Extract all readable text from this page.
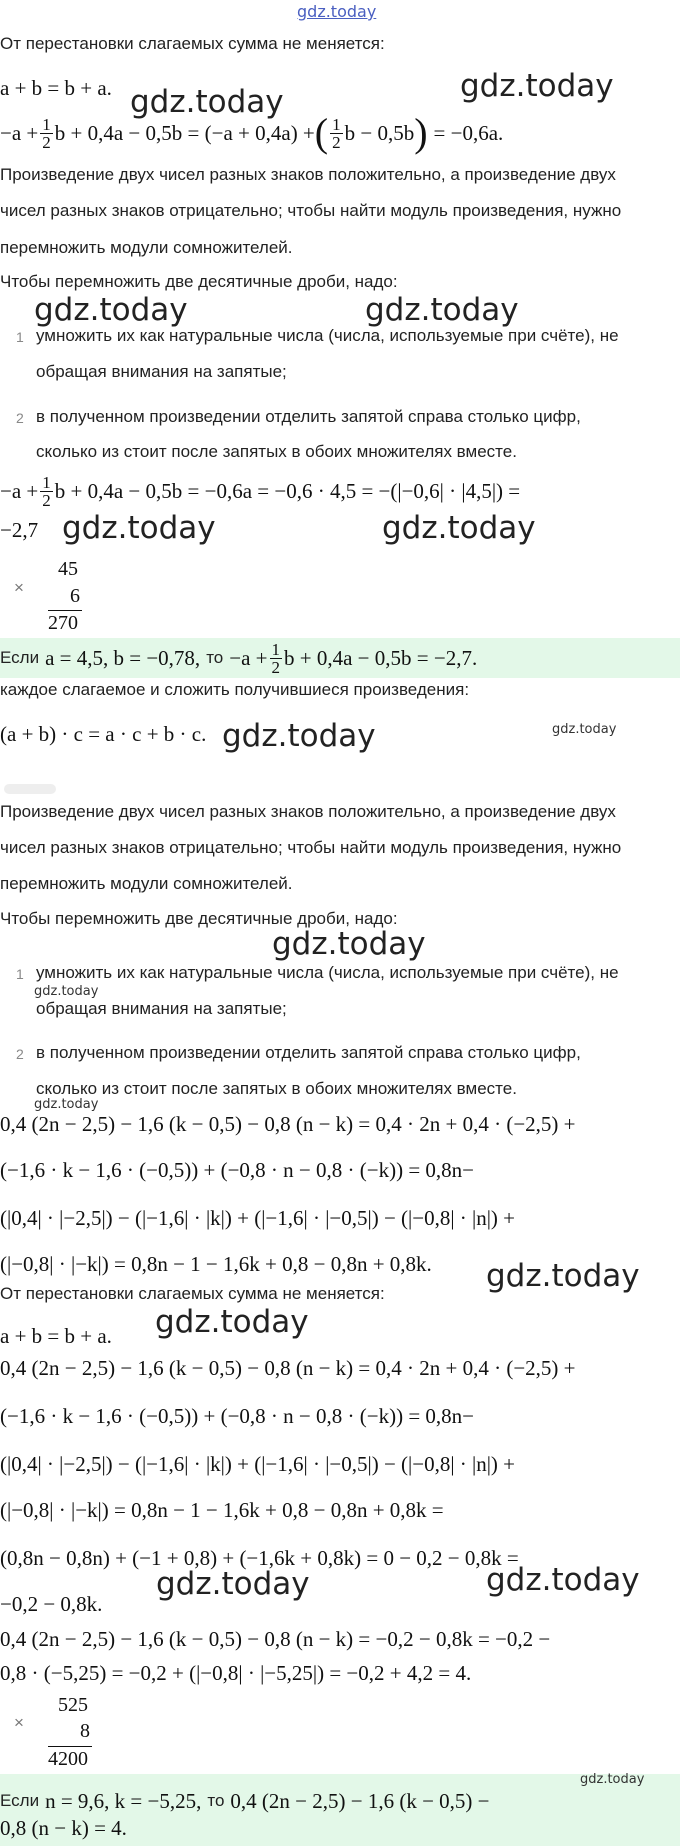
gdz.today
От перестановки слагаемых сумма не меняется:
a + b = b + a. gdz.today	gdz.today
$-a + \frac{1}{2}$ b + 0,4a − 0,5b = (−a + 0,4a) + ( $\frac{1}{2}$ b − 0,5b ) = −0,6a.
Произведение двух чисел разных знаков положительно, а произведение двух
чисел разных знаков отрицательно; чтобы найти модуль произведения, нужно
перемножить модули сомножителей.
Чтобы перемножить две десятичные дроби, надо:
gdz.today	gdz.today
1 умножить их как натуральные числа (числа, используемые при счёте), не
обращая внимания на запятые;
2 в полученном произведении отделить запятой справа столько цифр,
сколько из стоит после запятых в обоих множителях вместе.
$-a + \frac{1}{2}$ b + 0,4a − 0,5b = −0,6a = −0,6 · 4,5 = −(|−0,6| · |4,5|) =
−2,7 gdz.today	gdz.today
×
45
6
270
Если a = 4,5, b = −0,78, то $-a + \frac{1}{2}$ b + 0,4a − 0,5b = −2,7.
каждое слагаемое и сложить получившиеся произведения:
(a + b) · c = a · c + b · c. gdz.today	gdz.today
Произведение двух чисел разных знаков положительно, а произведение двух
чисел разных знаков отрицательно; чтобы найти модуль произведения, нужно
перемножить модули сомножителей.
Чтобы перемножить две десятичные дроби, надо:
gdz.today
1 умножить их как натуральные числа (числа, используемые при счёте), не
gdz.today
обращая внимания на запятые;
2 в полученном произведении отделить запятой справа столько цифр,
сколько из стоит после запятых в обоих множителях вместе.
gdz.today
0,4 (2n − 2,5) − 1,6 (k − 0,5) − 0,8 (n − k) = 0,4 · 2n + 0,4 · (−2,5) +
(−1,6 · k − 1,6 · (−0,5)) + (−0,8 · n − 0,8 · (−k)) = 0,8n−
(|0,4| · |−2,5|) − (|−1,6| · |k|) + (|−1,6| · |−0,5|) − (|−0,8| · |n|) +
(|−0,8| · |−k|) = 0,8n − 1 − 1,6k + 0,8 − 0,8n + 0,8k. gdz.today
От перестановки слагаемых сумма не меняется:
a + b = b + a. gdz.today
0,4 (2n − 2,5) − 1,6 (k − 0,5) − 0,8 (n − k) = 0,4 · 2n + 0,4 · (−2,5) +
(−1,6 · k − 1,6 · (−0,5)) + (−0,8 · n − 0,8 · (−k)) = 0,8n−
(|0,4| · |−2,5|) − (|−1,6| · |k|) + (|−1,6| · |−0,5|) − (|−0,8| · |n|) +
(|−0,8| · |−k|) = 0,8n − 1 − 1,6k + 0,8 − 0,8n + 0,8k =
(0,8n − 0,8n) + (−1 + 0,8) + (−1,6k + 0,8k) = 0 − 0,2 − 0,8k =
−0,2 − 0,8k.
gdz.today	gdz.today
0,4 (2n − 2,5) − 1,6 (k − 0,5) − 0,8 (n − k) = −0,2 − 0,8k = −0,2 −
0,8 · (−5,25) = −0,2 + (|−0,8| · |−5,25|) = −0,2 + 4,2 = 4.
×
525
8
4200
gdz.today
Если n = 9,6, k = −5,25, то 0,4 (2n − 2,5) − 1,6 (k − 0,5) −
0,8 (n − k) = 4.
